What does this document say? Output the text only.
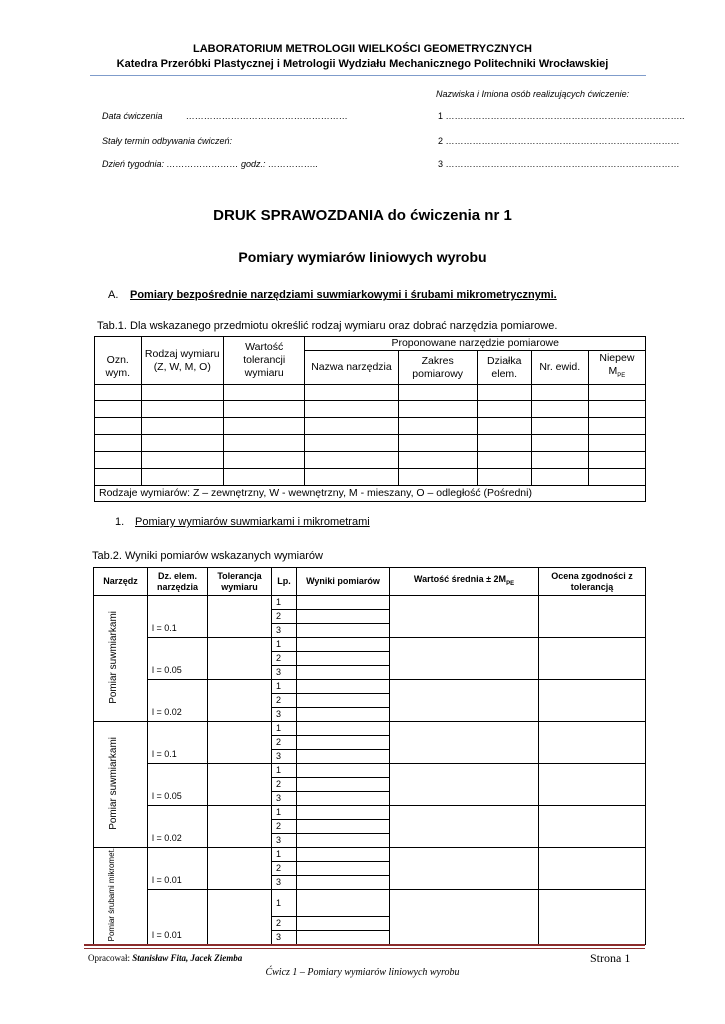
LABORATORIUM METROLOGII WIELKOŚCI GEOMETRYCZNYCH
Katedra Przeróbki Plastycznej i Metrologii Wydziału Mechanicznego Politechniki Wrocławskiej
Nazwiska i Imiona osób realizujących ćwiczenie:
Data ćwiczenia	………………………………………………
Stały termin odbywania ćwiczeń:
Dzień tygodnia: …………………… godz.: ……………..
1 ……………………………………………………………………..
2 ……………………………………………………………………
3 ……………………………………………………………………
DRUK SPRAWOZDANIA do ćwiczenia nr 1
Pomiary wymiarów liniowych wyrobu
A. Pomiary bezpośrednie narzędziami suwmiarkowymi i śrubami mikrometrycznymi.
Tab.1. Dla wskazanego przedmiotu określić rodzaj wymiaru oraz dobrać narzędzia pomiarowe.

Ozn. wym.	Rodzaj wymiaru (Z, W, M, O)	Wartość tolerancji wymiaru	Proponowane narzędzie pomiarowe				
			Nazwa narzędzia	Zakres pomiarowy	Działka elem.	Nr. ewid.	Niepew
$M_{PE}$

Rodzaje wymiarów: Z – zewnętrzny, W - wewnętrzny, M - mieszany, O – odległość (Pośredni)							
1. Pomiary wymiarów suwmiarkami i mikrometrami
Tab.2. Wyniki pomiarów wskazanych wymiarów
Narzędz	Dz. elem. narzędzia	Tolerancja wymiaru	Lp.	Wyniki pomiarów	Wartość średnia ± $2M_{PE}$	Ocena zgodności z tolerancją
Pomiar suwmiarkami	l = 0.1		1			
			2			
			3			
	l = 0.05		1			
			2			
			3			
	l = 0.02		1			
			2			
			3			
Pomiar suwmiarkami	l = 0.1		1			
			2			
			3			
	l = 0.05		1			
			2			
			3			
	l = 0.02		1			
			2			
			3			
Pomiar śrubami mikromet.	l = 0.01		1			
			2			
			3			
	l = 0.01		1			
			2			
			3			
Opracował: Stanisław Fita, Jacek Ziemba	Strona 1
Ćwicz 1 – Pomiary wymiarów liniowych wyrobu
